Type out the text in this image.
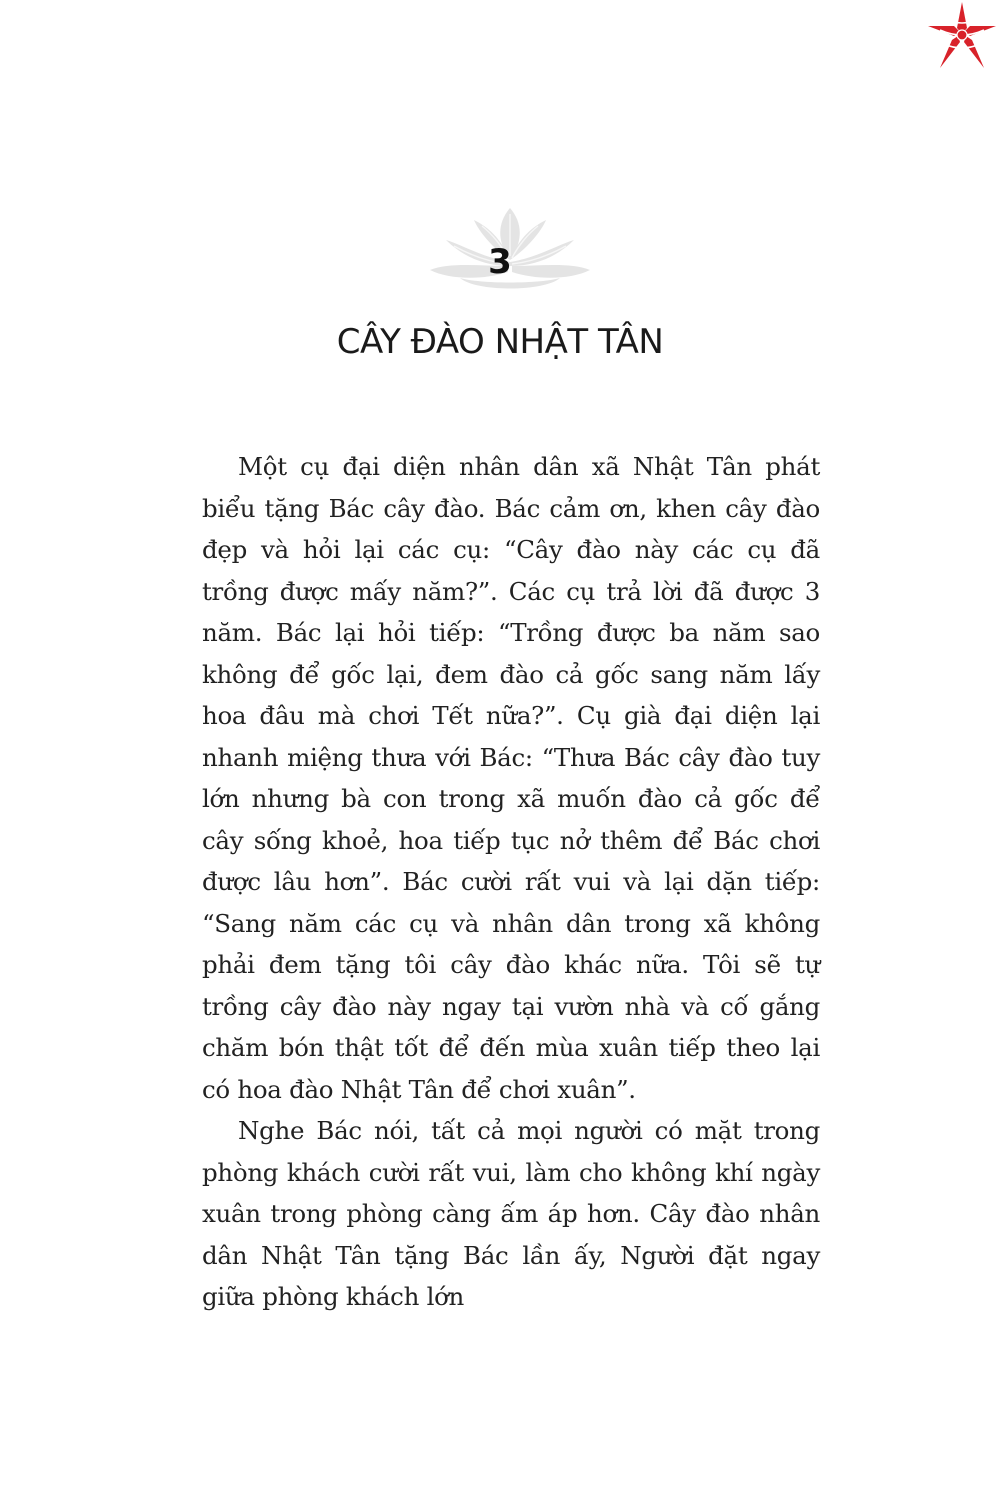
3
CÂY ĐÀO NHẬT TÂN

Một cụ đại diện nhân dân xã Nhật Tân phát biểu tặng Bác cây đào. Bác cảm ơn, khen cây đào đẹp và hỏi lại các cụ: “Cây đào này các cụ đã trồng được mấy năm?”. Các cụ trả lời đã được 3 năm. Bác lại hỏi tiếp: “Trồng được ba năm sao không để gốc lại, đem đào cả gốc sang năm lấy hoa đâu mà chơi Tết nữa?”. Cụ già đại diện lại nhanh miệng thưa với Bác: “Thưa Bác cây đào tuy lớn nhưng bà con trong xã muốn đào cả gốc để cây sống khoẻ, hoa tiếp tục nở thêm để Bác chơi được lâu hơn”. Bác cười rất vui và lại dặn tiếp: “Sang năm các cụ và nhân dân trong xã không phải đem tặng tôi cây đào khác nữa. Tôi sẽ tự trồng cây đào này ngay tại vườn nhà và cố gắng chăm bón thật tốt để đến mùa xuân tiếp theo lại có hoa đào Nhật Tân để chơi xuân”.

Nghe Bác nói, tất cả mọi người có mặt trong phòng khách cười rất vui, làm cho không khí ngày xuân trong phòng càng ấm áp hơn. Cây đào nhân dân Nhật Tân tặng Bác lần ấy, Người đặt ngay giữa phòng khách lớn
